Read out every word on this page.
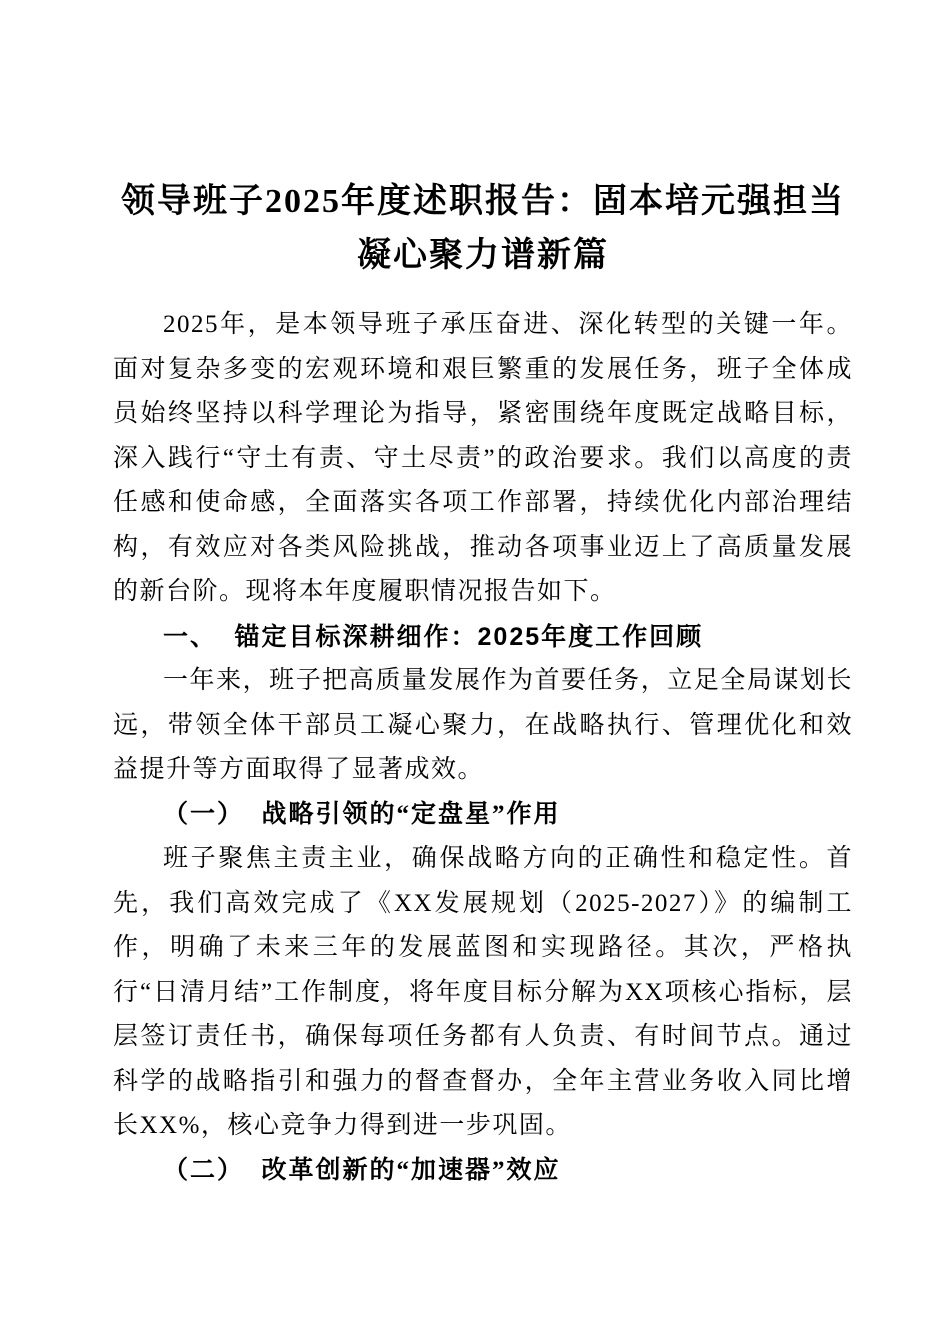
领导班子2025年度述职报告：固本培元强担当
凝心聚力谱新篇

2025年，是本领导班子承压奋进、深化转型的关键一年。面对复杂多变的宏观环境和艰巨繁重的发展任务，班子全体成员始终坚持以科学理论为指导，紧密围绕年度既定战略目标，深入践行“守土有责、守土尽责”的政治要求。我们以高度的责任感和使命感，全面落实各项工作部署，持续优化内部治理结构，有效应对各类风险挑战，推动各项事业迈上了高质量发展的新台阶。现将本年度履职情况报告如下。

一、 锚定目标深耕细作：2025年度工作回顾

一年来，班子把高质量发展作为首要任务，立足全局谋划长远，带领全体干部员工凝心聚力，在战略执行、管理优化和效益提升等方面取得了显著成效。

（一） 战略引领的“定盘星”作用

班子聚焦主责主业，确保战略方向的正确性和稳定性。首先，我们高效完成了《XX发展规划（2025-2027）》的编制工作，明确了未来三年的发展蓝图和实现路径。其次，严格执行“日清月结”工作制度，将年度目标分解为XX项核心指标，层层签订责任书，确保每项任务都有人负责、有时间节点。通过科学的战略指引和强力的督查督办，全年主营业务收入同比增长XX%，核心竞争力得到进一步巩固。

（二） 改革创新的“加速器”效应
